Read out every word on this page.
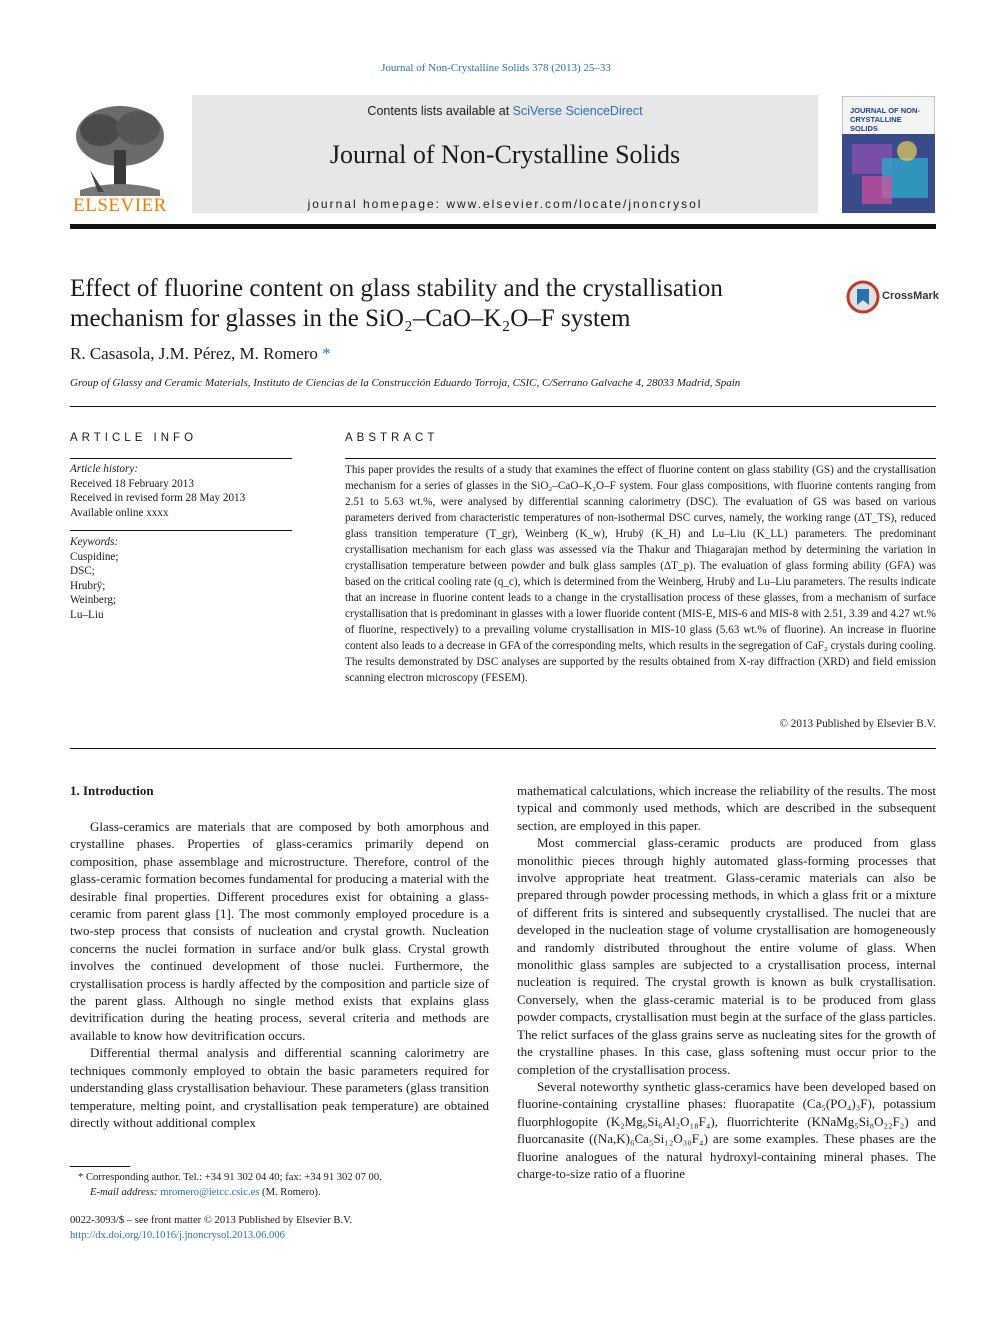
Journal of Non-Crystalline Solids 378 (2013) 25–33
ELSEVIER
Contents lists available at SciVerse ScienceDirect
Journal of Non-Crystalline Solids
journal homepage: www.elsevier.com/locate/jnoncrysol
JOURNAL OF NON-CRYSTALLINE SOLIDS
Effect of fluorine content on glass stability and the crystallisation
mechanism for glasses in the SiO₂–CaO–K₂O–F system
CrossMark
R. Casasola, J.M. Pérez, M. Romero *
Group of Glassy and Ceramic Materials, Instituto de Ciencias de la Construcción Eduardo Torroja, CSIC, C/Serrano Galvache 4, 28033 Madrid, Spain
ARTICLE INFO
Article history:
Received 18 February 2013
Received in revised form 28 May 2013
Available online xxxx
Keywords:
Cuspidine;
DSC;
Hrubrÿ;
Weinberg;
Lu–Liu
ABSTRACT
This paper provides the results of a study that examines the effect of fluorine content on glass stability (GS) and the crystallisation mechanism for a series of glasses in the SiO₂–CaO–K₂O–F system. Four glass compositions, with fluorine contents ranging from 2.51 to 5.63 wt.%, were analysed by differential scanning calorimetry (DSC). The evaluation of GS was based on various parameters derived from characteristic temperatures of non-isothermal DSC curves, namely, the working range (ΔT_TS), reduced glass transition temperature (T_gr), Weinberg (K_w), Hrubÿ (K_H) and Lu–Liu (K_LL) parameters. The predominant crystallisation mechanism for each glass was assessed via the Thakur and Thiagarajan method by determining the variation in crystallisation temperature between powder and bulk glass samples (ΔT_p). The evaluation of glass forming ability (GFA) was based on the critical cooling rate (q_c), which is determined from the Weinberg, Hrubÿ and Lu–Liu parameters. The results indicate that an increase in fluorine content leads to a change in the crystallisation process of these glasses, from a mechanism of surface crystallisation that is predominant in glasses with a lower fluoride content (MIS-E, MIS-6 and MIS-8 with 2.51, 3.39 and 4.27 wt.% of fluorine, respectively) to a prevailing volume crystallisation in MIS-10 glass (5.63 wt.% of fluorine). An increase in fluorine content also leads to a decrease in GFA of the corresponding melts, which results in the segregation of CaF₂ crystals during cooling. The results demonstrated by DSC analyses are supported by the results obtained from X-ray diffraction (XRD) and field emission scanning electron microscopy (FESEM).
© 2013 Published by Elsevier B.V.
1. Introduction

Glass-ceramics are materials that are composed by both amorphous and crystalline phases. Properties of glass-ceramics primarily depend on composition, phase assemblage and microstructure. Therefore, control of the glass-ceramic formation becomes fundamental for producing a material with the desirable final properties. Different procedures exist for obtaining a glass-ceramic from parent glass [1]. The most commonly employed procedure is a two-step process that consists of nucleation and crystal growth. Nucleation concerns the nuclei formation in surface and/or bulk glass. Crystal growth involves the continued development of those nuclei. Furthermore, the crystallisation process is hardly affected by the composition and particle size of the parent glass. Although no single method exists that explains glass devitrification during the heating process, several criteria and methods are available to know how devitrification occurs.

Differential thermal analysis and differential scanning calorimetry are techniques commonly employed to obtain the basic parameters required for understanding glass crystallisation behaviour. These parameters (glass transition temperature, melting point, and crystallisation peak temperature) are obtained directly without additional complex

mathematical calculations, which increase the reliability of the results. The most typical and commonly used methods, which are described in the subsequent section, are employed in this paper.

Most commercial glass-ceramic products are produced from glass monolithic pieces through highly automated glass-forming processes that involve appropriate heat treatment. Glass-ceramic materials can also be prepared through powder processing methods, in which a glass frit or a mixture of different frits is sintered and subsequently crystallised. The nuclei that are developed in the nucleation stage of volume crystallisation are homogeneously and randomly distributed throughout the entire volume of glass. When monolithic glass samples are subjected to a crystallisation process, internal nucleation is required. The crystal growth is known as bulk crystallisation. Conversely, when the glass-ceramic material is to be produced from glass powder compacts, crystallisation must begin at the surface of the glass particles. The relict surfaces of the glass grains serve as nucleating sites for the growth of the crystalline phases. In this case, glass softening must occur prior to the completion of the crystallisation process.

Several noteworthy synthetic glass-ceramics have been developed based on fluorine-containing crystalline phases: fluorapatite (Ca₅(PO₄)₃F), potassium fluorphlogopite (K₂Mg₆Si₆Al₂O₁₈F₄), fluorrichterite (KNaMg₅Si₈O₂₂F₂) and fluorcanasite ((Na,K)₆Ca₅Si₁₂O₃₀F₄) are some examples. These phases are the fluorine analogues of the natural hydroxyl-containing mineral phases. The charge-to-size ratio of a fluorine

* Corresponding author. Tel.: +34 91 302 04 40; fax: +34 91 302 07 00.
E-mail address: mromero@ietcc.csic.es (M. Romero).
0022-3093/$ – see front matter © 2013 Published by Elsevier B.V.
http://dx.doi.org/10.1016/j.jnoncrysol.2013.06.006
